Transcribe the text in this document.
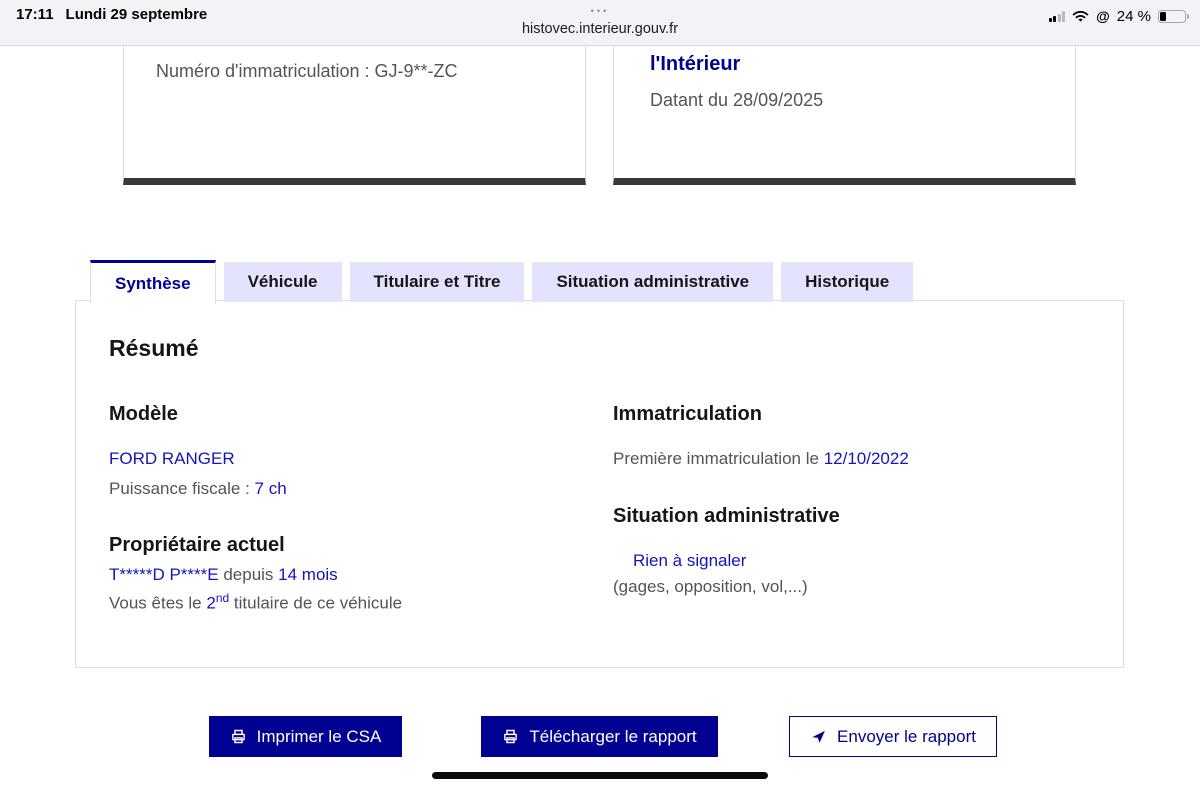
17:11 Lundi 29 septembre	•••
histovec.interieur.gouv.fr
@ 24 %
Numéro d'immatriculation : GJ-9**-ZC	l'Intérieur
Datant du 28/09/2025
Synthèse	Véhicule	Titulaire et Titre	Situation administrative	Historique
Résumé
Modèle
FORD RANGER
Puissance fiscale : 7 ch
Propriétaire actuel
T*****D P****E depuis 14 mois
Vous êtes le 2nd titulaire de ce véhicule
Immatriculation
Première immatriculation le 12/10/2022
Situation administrative
Rien à signaler
(gages, opposition, vol,...)
Imprimer le CSA	Télécharger le rapport	Envoyer le rapport
